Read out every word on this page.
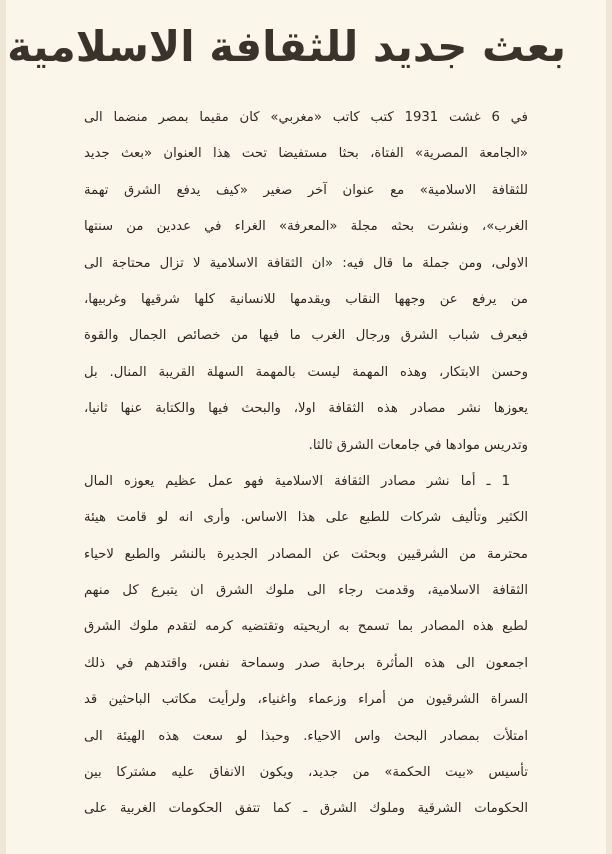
بعث جديد للثقافة الاسلامية
في 6 غشت 1931 كتب كاتب «مغربي» كان مقيما بمصر منضما الى
«الجامعة المصرية» الفتاة، بحثا مستفيضا تحت هذا العنوان «بعث جديد
للثقافة الاسلامية» مع عنوان آخر صغير «كيف يدفع الشرق تهمة
الغرب»، ونشرت بحثه مجلة «المعرفة» الغراء في عددين من سنتها
الاولى، ومن جملة ما قال فيه: «ان الثقافة الاسلامية لا تزال محتاجة الى
من يرفع عن وجهها النقاب ويقدمها للانسانية كلها شرقيها وغربيها،
فيعرف شباب الشرق ورجال الغرب ما فيها من خصائص الجمال والقوة
وحسن الابتكار، وهذه المهمة ليست بالمهمة السهلة القريبة المنال. بل
يعوزها نشر مصادر هذه الثقافة اولا، والبحث فيها والكتابة عنها ثانيا،
وتدريس موادها في جامعات الشرق ثالثا.
1 ـ أما نشر مصادر الثقافة الاسلامية فهو عمل عظيم يعوزه المال
الكثير وتأليف شركات للطبع على هذا الاساس. وأرى انه لو قامت هيئة
محترمة من الشرقيين وبحثت عن المصادر الجديرة بالنشر والطبع لاحياء
الثقافة الاسلامية، وقدمت رجاء الى ملوك الشرق ان يتبرع كل منهم
لطبع هذه المصادر بما تسمح به اريحيته وتقتضيه كرمه لتقدم ملوك الشرق
اجمعون الى هذه المأثرة برحابة صدر وسماحة نفس، واقتدهم في ذلك
السراة الشرقيون من أمراء وزعماء واغنياء، ولرأيت مكاتب الباحثين قد
امتلأت بمصادر البحث واس الاحياء. وحبذا لو سعت هذه الهيئة الى
تأسيس «بيت الحكمة» من جديد، ويكون الانفاق عليه مشتركا بين
الحكومات الشرقية وملوك الشرق ـ كما تتفق الحكومات الغربية على
